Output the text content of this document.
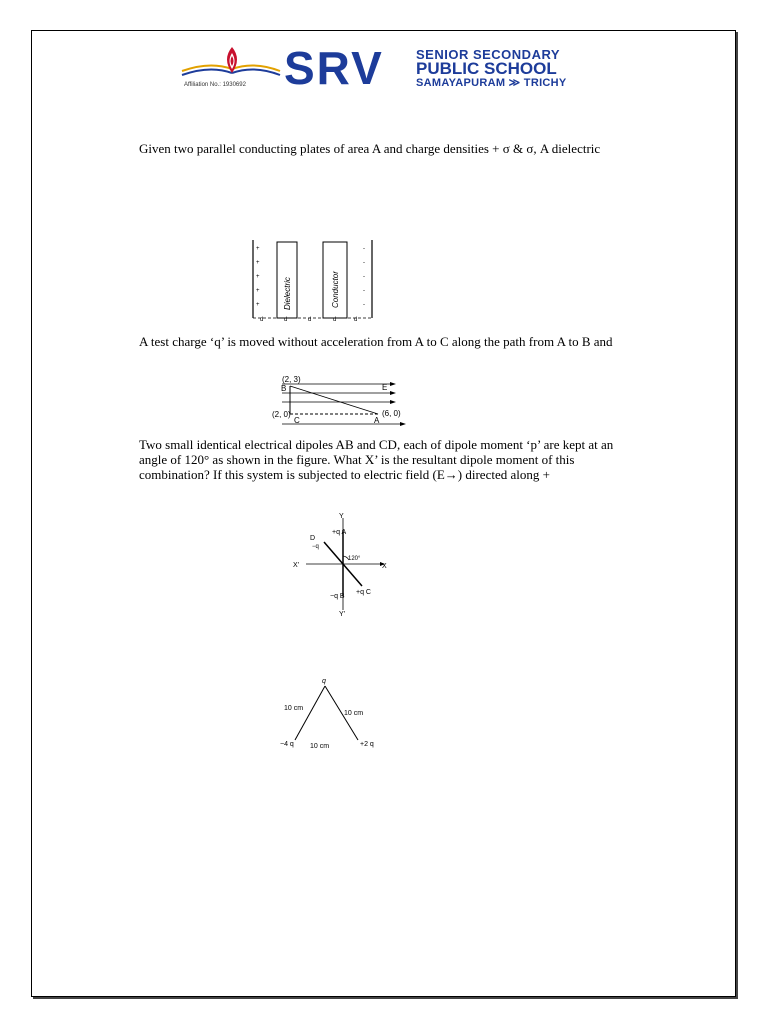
Affiliation No.: 1930692 SRV SENIOR SECONDARY
PUBLIC SCHOOL
SAMAYAPURAM ≫ TRICHY
Given two parallel conducting plates of area A and charge densities + σ & σ, A dielectric
+
+
+
+
+
-
-
-
-
-
Dielectric	Conductor
d	d	d	d	d
A test charge ‘q’ is moved without acceleration from A to C along the path from A to B and
(2, 3)
B	E
(2, 0)
C
(6, 0)
A
Two small identical electrical dipoles AB and CD, each of dipole moment ‘p’ are kept at an
angle of 120° as shown in the figure. What X’ is the resultant dipole moment of this
combination? If this system is subjected to electric field (E→) directed along +
Y
Y'
X
X'
+q A
−q B
+q C
D
−q
120°
q
10 cm
10 cm
10 cm
−4 q	+2 q
